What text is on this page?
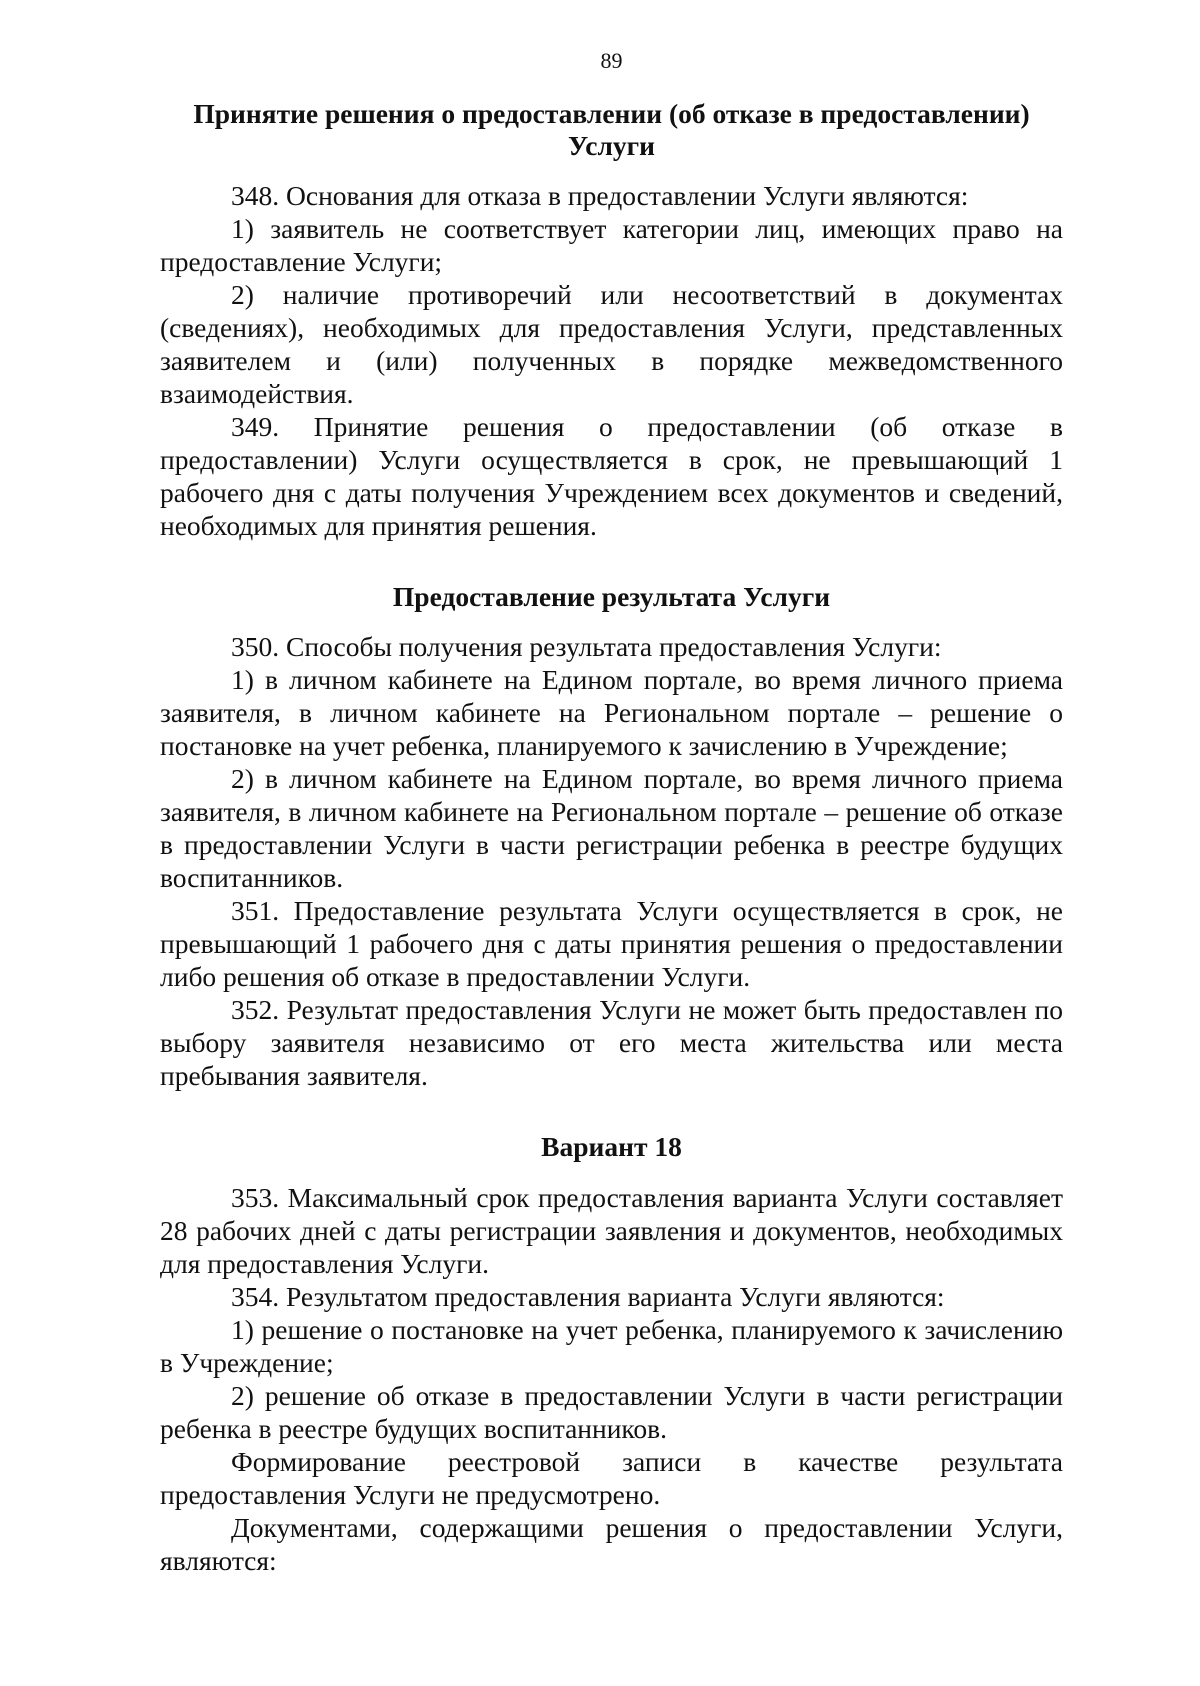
89
Принятие решения о предоставлении (об отказе в предоставлении) Услуги

348. Основания для отказа в предоставлении Услуги являются:

1) заявитель не соответствует категории лиц, имеющих право на предоставление Услуги;

2) наличие противоречий или несоответствий в документах (сведениях), необходимых для предоставления Услуги, представленных заявителем и (или) полученных в порядке межведомственного взаимодействия.

349. Принятие решения о предоставлении (об отказе в предоставлении) Услуги осуществляется в срок, не превышающий 1 рабочего дня с даты получения Учреждением всех документов и сведений, необходимых для принятия решения.

Предоставление результата Услуги

350. Способы получения результата предоставления Услуги:

1) в личном кабинете на Едином портале, во время личного приема заявителя, в личном кабинете на Региональном портале – решение о постановке на учет ребенка, планируемого к зачислению в Учреждение;

2) в личном кабинете на Едином портале, во время личного приема заявителя, в личном кабинете на Региональном портале – решение об отказе в предоставлении Услуги в части регистрации ребенка в реестре будущих воспитанников.

351. Предоставление результата Услуги осуществляется в срок, не превышающий 1 рабочего дня с даты принятия решения о предоставлении либо решения об отказе в предоставлении Услуги.

352. Результат предоставления Услуги не может быть предоставлен по выбору заявителя независимо от его места жительства или места пребывания заявителя.

Вариант 18

353. Максимальный срок предоставления варианта Услуги составляет 28 рабочих дней с даты регистрации заявления и документов, необходимых для предоставления Услуги.

354. Результатом предоставления варианта Услуги являются:

1) решение о постановке на учет ребенка, планируемого к зачислению в Учреждение;

2) решение об отказе в предоставлении Услуги в части регистрации ребенка в реестре будущих воспитанников.

Формирование реестровой записи в качестве результата предоставления Услуги не предусмотрено.

Документами, содержащими решения о предоставлении Услуги, являются:
